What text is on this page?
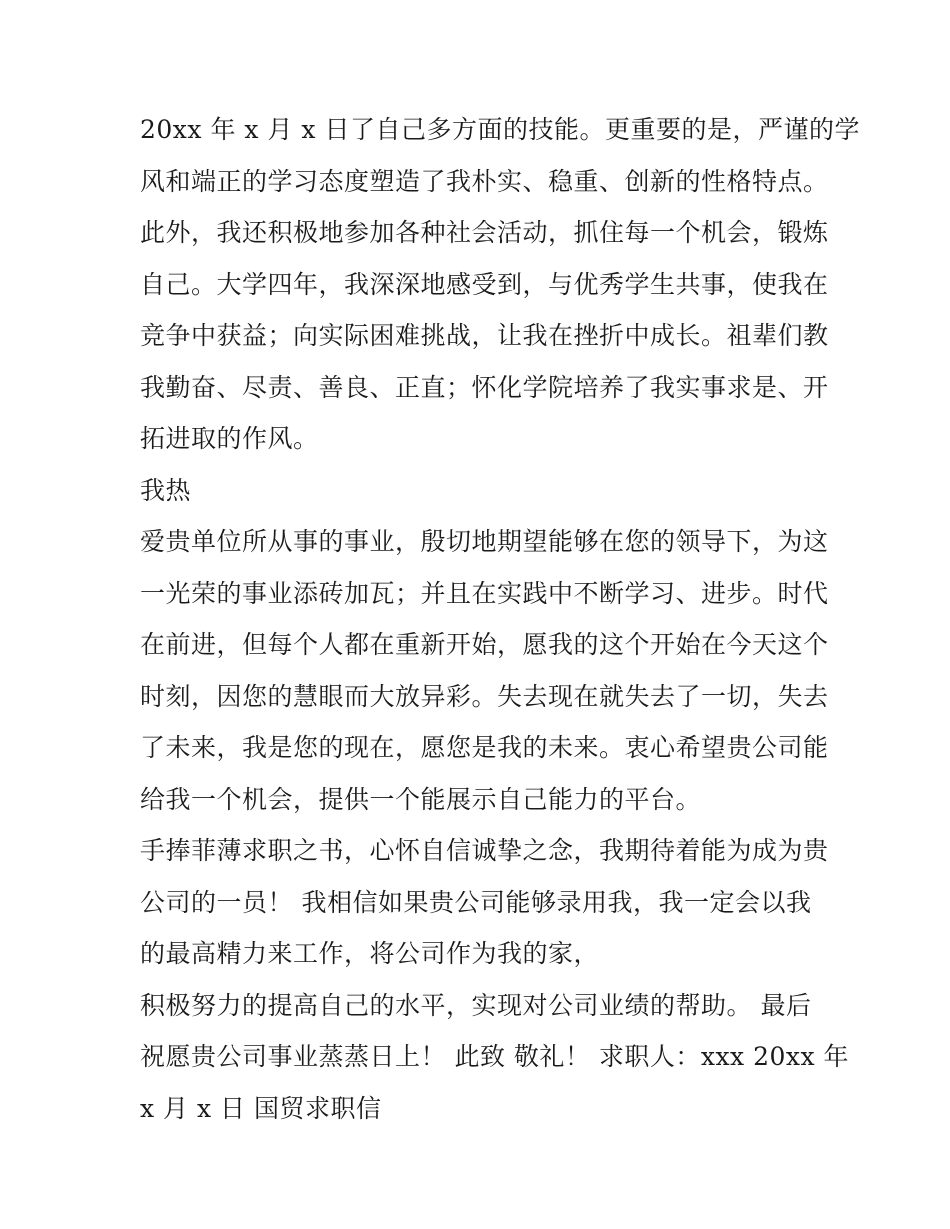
20xx 年 x 月 x 日了自己多方面的技能。更重要的是，严谨的学
风和端正的学习态度塑造了我朴实、稳重、创新的性格特点。
此外，我还积极地参加各种社会活动，抓住每一个机会，锻炼
自己。大学四年，我深深地感受到，与优秀学生共事，使我在
竞争中获益；向实际困难挑战，让我在挫折中成长。祖辈们教
我勤奋、尽责、善良、正直；怀化学院培养了我实事求是、开
拓进取的作风。
我热
爱贵单位所从事的事业，殷切地期望能够在您的领导下，为这
一光荣的事业添砖加瓦；并且在实践中不断学习、进步。时代
在前进，但每个人都在重新开始，愿我的这个开始在今天这个
时刻，因您的慧眼而大放异彩。失去现在就失去了一切，失去
了未来，我是您的现在，愿您是我的未来。衷心希望贵公司能
给我一个机会，提供一个能展示自己能力的平台。
手捧菲薄求职之书，心怀自信诚挚之念，我期待着能为成为贵
公司的一员！ 我相信如果贵公司能够录用我，我一定会以我
的最高精力来工作，将公司作为我的家，
积极努力的提高自己的水平，实现对公司业绩的帮助。 最后
祝愿贵公司事业蒸蒸日上！ 此致 敬礼！ 求职人：xxx 20xx 年
x 月 x 日 国贸求职信
